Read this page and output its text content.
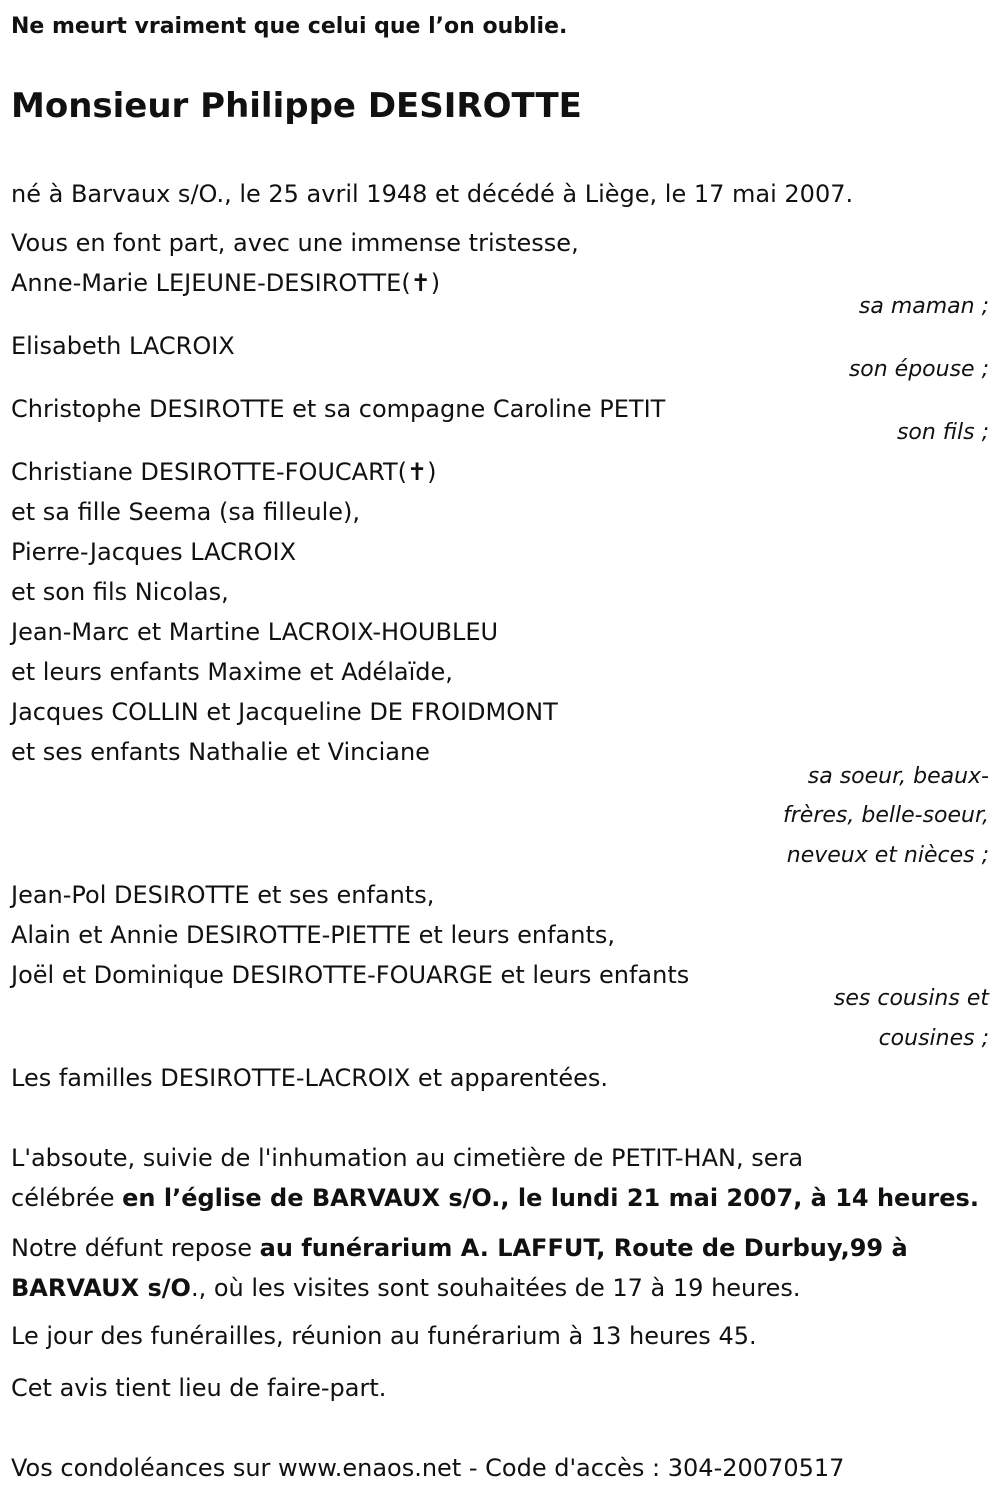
Ne meurt vraiment que celui que l’on oublie.

Monsieur Philippe DESIROTTE

né à Barvaux s/O., le 25 avril 1948 et décédé à Liège, le 17 mai 2007.

Vous en font part, avec une immense tristesse,

Anne-Marie LEJEUNE-DESIROTTE(✝)

sa maman ;

Elisabeth LACROIX

son épouse ;

Christophe DESIROTTE et sa compagne Caroline PETIT

son fils ;

Christiane DESIROTTE-FOUCART(✝)

et sa fille Seema (sa filleule),

Pierre-Jacques LACROIX

et son fils Nicolas,

Jean-Marc et Martine LACROIX-HOUBLEU

et leurs enfants Maxime et Adélaïde,

Jacques COLLIN et Jacqueline DE FROIDMONT

et ses enfants Nathalie et Vinciane

sa soeur, beaux-

frères, belle-soeur,

neveux et nièces ;

Jean-Pol DESIROTTE et ses enfants,

Alain et Annie DESIROTTE-PIETTE et leurs enfants,

Joël et Dominique DESIROTTE-FOUARGE et leurs enfants

ses cousins et

cousines ;

Les familles DESIROTTE-LACROIX et apparentées.

L'absoute, suivie de l'inhumation au cimetière de PETIT-HAN, sera

célébrée en l’église de BARVAUX s/O., le lundi 21 mai 2007, à 14 heures.

Notre défunt repose au funérarium A. LAFFUT, Route de Durbuy,99 à

BARVAUX s/O., où les visites sont souhaitées de 17 à 19 heures.

Le jour des funérailles, réunion au funérarium à 13 heures 45.

Cet avis tient lieu de faire-part.

Vos condoléances sur www.enaos.net - Code d'accès : 304-20070517
